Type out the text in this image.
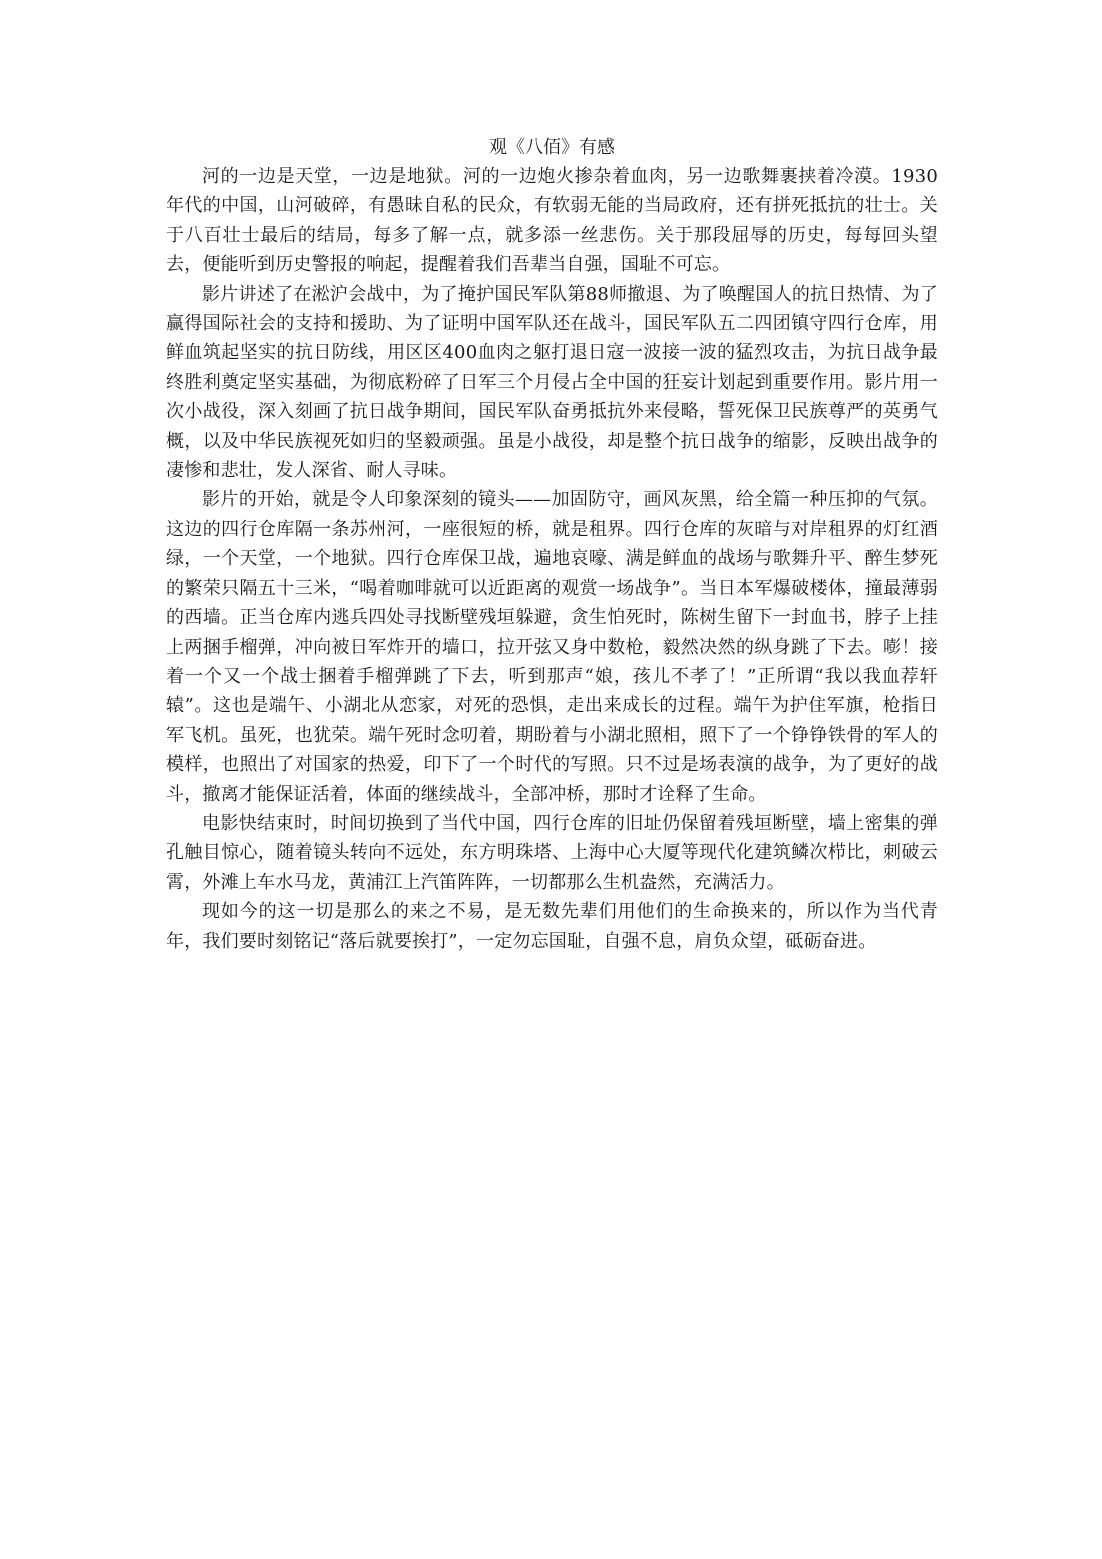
观《八佰》有感

河的一边是天堂，一边是地狱。河的一边炮火掺杂着血肉，另一边歌舞裹挟着冷漠。1930年代的中国，山河破碎，有愚昧自私的民众，有软弱无能的当局政府，还有拼死抵抗的壮士。关于八百壮士最后的结局，每多了解一点，就多添一丝悲伤。关于那段屈辱的历史，每每回头望去，便能听到历史警报的响起，提醒着我们吾辈当自强，国耻不可忘。

影片讲述了在淞沪会战中，为了掩护国民军队第88师撤退、为了唤醒国人的抗日热情、为了赢得国际社会的支持和援助、为了证明中国军队还在战斗，国民军队五二四团镇守四行仓库，用鲜血筑起坚实的抗日防线，用区区400血肉之躯打退日寇一波接一波的猛烈攻击，为抗日战争最终胜利奠定坚实基础，为彻底粉碎了日军三个月侵占全中国的狂妄计划起到重要作用。影片用一次小战役，深入刻画了抗日战争期间，国民军队奋勇抵抗外来侵略，誓死保卫民族尊严的英勇气概，以及中华民族视死如归的坚毅顽强。虽是小战役，却是整个抗日战争的缩影，反映出战争的凄惨和悲壮，发人深省、耐人寻味。

影片的开始，就是令人印象深刻的镜头——加固防守，画风灰黑，给全篇一种压抑的气氛。这边的四行仓库隔一条苏州河，一座很短的桥，就是租界。四行仓库的灰暗与对岸租界的灯红酒绿，一个天堂，一个地狱。四行仓库保卫战，遍地哀嚎、满是鲜血的战场与歌舞升平、醉生梦死的繁荣只隔五十三米，“喝着咖啡就可以近距离的观赏一场战争”。当日本军爆破楼体，撞最薄弱的西墙。正当仓库内逃兵四处寻找断壁残垣躲避，贪生怕死时，陈树生留下一封血书，脖子上挂上两捆手榴弹，冲向被日军炸开的墙口，拉开弦又身中数枪，毅然决然的纵身跳了下去。嘭！接着一个又一个战士捆着手榴弹跳了下去，听到那声“娘，孩儿不孝了！”正所谓“我以我血荐轩辕”。这也是端午、小湖北从恋家，对死的恐惧，走出来成长的过程。端午为护住军旗，枪指日军飞机。虽死，也犹荣。端午死时念叨着，期盼着与小湖北照相，照下了一个铮铮铁骨的军人的模样，也照出了对国家的热爱，印下了一个时代的写照。只不过是场表演的战争，为了更好的战斗，撤离才能保证活着，体面的继续战斗，全部冲桥，那时才诠释了生命。

电影快结束时，时间切换到了当代中国，四行仓库的旧址仍保留着残垣断壁，墙上密集的弹孔触目惊心，随着镜头转向不远处，东方明珠塔、上海中心大厦等现代化建筑鳞次栉比，刺破云霄，外滩上车水马龙，黄浦江上汽笛阵阵，一切都那么生机盎然，充满活力。

现如今的这一切是那么的来之不易，是无数先辈们用他们的生命换来的，所以作为当代青年，我们要时刻铭记“落后就要挨打”，一定勿忘国耻，自强不息，肩负众望，砥砺奋进。
